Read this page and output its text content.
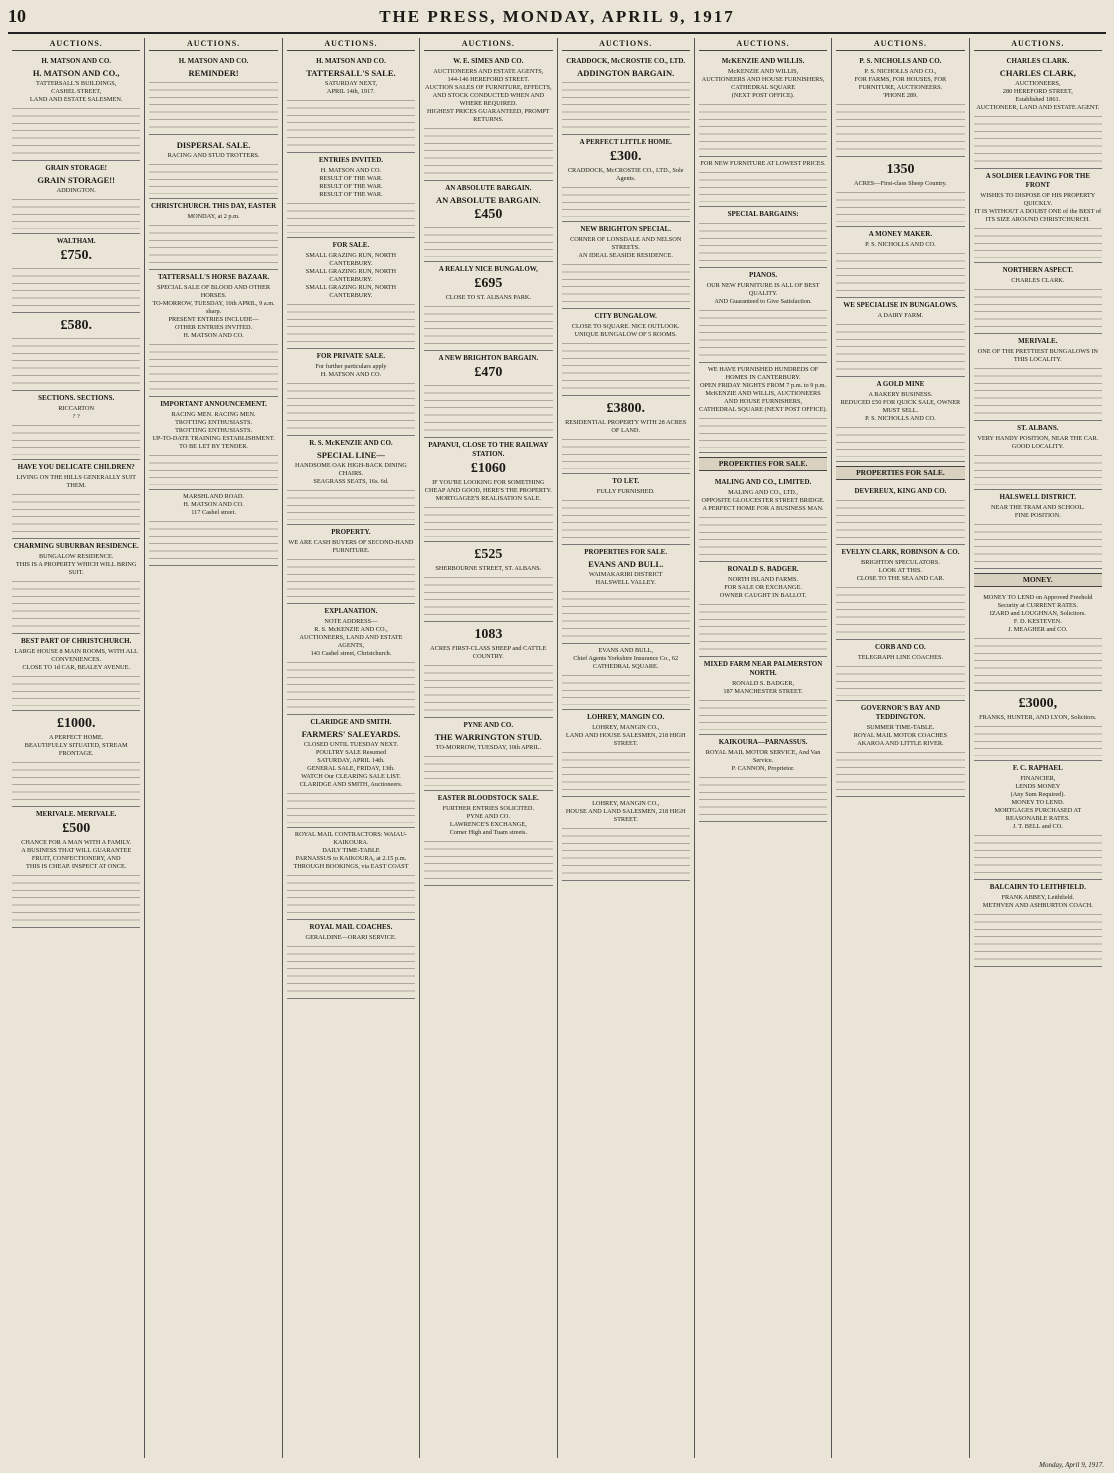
10	THE PRESS, MONDAY, APRIL 9, 1917
AUCTIONS.
H. MATSON AND CO.
H. MATSON AND CO.,
TATTERSALL'S BUILDINGS,
CASHEL STREET,
LAND AND ESTATE SALESMEN.
GRAIN STORAGE!
GRAIN STORAGE!!
ADDINGTON.
WALTHAM.
£750.
£580.
SECTIONS. SECTIONS.
RICCARTON
? ?
HAVE YOU DELICATE CHILDREN?
LIVING ON THE HILLS GENERALLY SUIT THEM.
CHARMING SUBURBAN RESIDENCE.
BUNGALOW RESIDENCE.
THIS IS A PROPERTY WHICH WILL BRING SUIT.
BEST PART OF CHRISTCHURCH.
LARGE HOUSE 8 MAIN ROOMS, WITH ALL CONVENIENCES.
CLOSE TO 1d CAR, BEALEY AVENUE.
£1000.
A PERFECT HOME.
BEAUTIFULLY SITUATED, STREAM FRONTAGE.
MERIVALE. MERIVALE.
£500
CHANCE FOR A MAN WITH A FAMILY.
A BUSINESS THAT WILL GUARANTEE
FRUIT, CONFECTIONERY, AND
THIS IS CHEAP. INSPECT AT ONCE.
AUCTIONS.
H. MATSON AND CO.
REMINDER!
DISPERSAL SALE.
RACING AND STUD TROTTERS.
CHRISTCHURCH. THIS DAY, EASTER
MONDAY, at 2 p.m.
TATTERSALL'S HORSE BAZAAR.
SPECIAL SALE OF BLOOD AND OTHER HORSES.
TO-MORROW, TUESDAY, 10th APRIL, 9 a.m. sharp.
PRESENT ENTRIES INCLUDE—
OTHER ENTRIES INVITED.
H. MATSON AND CO.
IMPORTANT ANNOUNCEMENT.
RACING MEN. RACING MEN.
TROTTING ENTHUSIASTS.
TROTTING ENTHUSIASTS.
UP-TO-DATE TRAINING ESTABLISHMENT.
TO BE LET BY TENDER.
MARSHLAND ROAD.
H. MATSON AND CO.
117 Cashel street.
AUCTIONS.
H. MATSON AND CO.
TATTERSALL'S SALE.
SATURDAY NEXT,
APRIL 14th, 1917.
ENTRIES INVITED.
H. MATSON AND CO.
RESULT OF THE WAR.
RESULT OF THE WAR.
RESULT OF THE WAR.
FOR SALE.
SMALL GRAZING RUN, NORTH CANTERBURY.
SMALL GRAZING RUN, NORTH CANTERBURY.
SMALL GRAZING RUN, NORTH CANTERBURY.
FOR PRIVATE SALE.
For further particulars apply
H. MATSON AND CO.
R. S. McKENZIE AND CO.
SPECIAL LINE—
HANDSOME OAK HIGH-BACK DINING CHAIRS.
SEAGRASS SEATS, 16s. 6d.
PROPERTY.
WE ARE CASH BUYERS OF SECOND-HAND FURNITURE.
EXPLANATION.
NOTE ADDRESS—
R. S. McKENZIE AND CO.,
AUCTIONEERS, LAND AND ESTATE AGENTS,
143 Cashel street, Christchurch.
CLARIDGE AND SMITH.
FARMERS' SALEYARDS.
CLOSED UNTIL TUESDAY NEXT.
POULTRY SALE Resumed
SATURDAY, APRIL 14th.
GENERAL SALE, FRIDAY, 13th.
WATCH Our CLEARING SALE LIST.
CLARIDGE AND SMITH, Auctioneers.
ROYAL MAIL CONTRACTORS: WAIAU-KAIKOURA.
DAILY TIME-TABLE
PARNASSUS to KAIKOURA, at 2.15 p.m.
THROUGH BOOKINGS, via EAST COAST
ROYAL MAIL COACHES.
GERALDINE—ORARI SERVICE.
AUCTIONS.
W. E. SIMES AND CO.
AUCTIONEERS AND ESTATE AGENTS,
144-146 HEREFORD STREET.
AUCTION SALES OF FURNITURE, EFFECTS, AND STOCK CONDUCTED WHEN AND WHERE REQUIRED.
HIGHEST PRICES GUARANTEED, PROMPT RETURNS.
AN ABSOLUTE BARGAIN.
AN ABSOLUTE BARGAIN.
£450
A REALLY NICE BUNGALOW,
£695
CLOSE TO ST. ALBANS PARK.
A NEW BRIGHTON BARGAIN.
£470
PAPANUI, CLOSE TO THE RAILWAY STATION.
£1060
IF YOU'RE LOOKING FOR SOMETHING CHEAP AND GOOD, HERE'S THE PROPERTY.
MORTGAGEE'S REALISATION SALE.
£525
SHERBOURNE STREET, ST. ALBANS.
1083
ACRES FIRST-CLASS SHEEP and CATTLE COUNTRY.
PYNE AND CO.
THE WARRINGTON STUD.
TO-MORROW, TUESDAY, 10th APRIL.
EASTER BLOODSTOCK SALE.
FURTHER ENTRIES SOLICITED.
PYNE AND CO.
LAWRENCE'S EXCHANGE,
Corner High and Tuam streets.
AUCTIONS.
CRADDOCK, McCROSTIE CO., LTD.
ADDINGTON BARGAIN.
A PERFECT LITTLE HOME.
£300.
CRADDOCK, McCROSTIE CO., LTD., Sole Agents.
NEW BRIGHTON SPECIAL.
CORNER OF LONSDALE AND NELSON STREETS.
AN IDEAL SEASIDE RESIDENCE.
CITY BUNGALOW.
CLOSE TO SQUARE. NICE OUTLOOK.
UNIQUE BUNGALOW OF 5 ROOMS.
£3800.
RESIDENTIAL PROPERTY WITH 28 ACRES OF LAND.
TO LET.
FULLY FURNISHED.
PROPERTIES FOR SALE.
EVANS AND BULL.
WAIMAKARIRI DISTRICT
HALSWELL VALLEY.
EVANS AND BULL,
Chief Agents Yorkshire Insurance Co., 62 CATHEDRAL SQUARE.
LOHREY, MANGIN CO.
LOHREY, MANGIN CO.,
LAND AND HOUSE SALESMEN, 218 HIGH STREET.
LOHREY, MANGIN CO.,
HOUSE AND LAND SALESMEN, 218 HIGH STREET.
AUCTIONS.
McKENZIE AND WILLIS.
McKENZIE AND WILLIS,
AUCTIONEERS AND HOUSE FURNISHERS,
CATHEDRAL SQUARE
(NEXT POST OFFICE).
FOR NEW FURNITURE AT LOWEST PRICES.
SPECIAL BARGAINS:
PIANOS.
OUR NEW FURNITURE IS ALL OF BEST QUALITY.
AND Guaranteed to Give Satisfaction.
WE HAVE FURNISHED HUNDREDS OF HOMES IN CANTERBURY.
OPEN FRIDAY NIGHTS FROM 7 p.m. to 9 p.m.
McKENZIE AND WILLIS, AUCTIONEERS AND HOUSE FURNISHERS,
CATHEDRAL SQUARE (NEXT POST OFFICE).
PROPERTIES FOR SALE.
MALING AND CO., LIMITED.
MALING AND CO., LTD.,
OPPOSITE GLOUCESTER STREET BRIDGE.
A PERFECT HOME FOR A BUSINESS MAN.
RONALD S. BADGER.
NORTH ISLAND FARMS.
FOR SALE OR EXCHANGE.
OWNER CAUGHT IN BALLOT.
MIXED FARM NEAR PALMERSTON NORTH.
RONALD S. BADGER,
187 MANCHESTER STREET.
KAIKOURA—PARNASSUS.
ROYAL MAIL MOTOR SERVICE, And Van Service.
P. CANNON, Proprietor.
AUCTIONS.
P. S. NICHOLLS AND CO.
P. S. NICHOLLS AND CO.,
FOR FARMS, FOR HOUSES, FOR FURNITURE, AUCTIONEERS.
'PHONE 289.
1350
ACRES—First-class Sheep Country.
A MONEY MAKER.
P. S. NICHOLLS AND CO.
WE SPECIALISE IN BUNGALOWS.
A DAIRY FARM.
A GOLD MINE
A BAKERY BUSINESS.
REDUCED £50 FOR QUICK SALE, OWNER MUST SELL.
P. S. NICHOLLS AND CO.
PROPERTIES FOR SALE.
DEVEREUX, KING AND CO.
EVELYN CLARK, ROBINSON & CO.
BRIGHTON SPECULATORS.
LOOK AT THIS.
CLOSE TO THE SEA AND CAR.
CORB AND CO.
TELEGRAPH LINE COACHES.
GOVERNOR'S BAY AND TEDDINGTON.
SUMMER TIME-TABLE.
ROYAL MAIL MOTOR COACHES
AKAROA AND LITTLE RIVER.
AUCTIONS.
CHARLES CLARK.
CHARLES CLARK,
AUCTIONEERS,
280 HEREFORD STREET,
Established 1861.
AUCTIONEER, LAND AND ESTATE AGENT.
A SOLDIER LEAVING FOR THE FRONT
WISHES TO DISPOSE OF HIS PROPERTY QUICKLY.
IT IS WITHOUT A DOUBT ONE of the BEST of ITS SIZE AROUND CHRISTCHURCH.
NORTHERN ASPECT.
CHARLES CLARK.
MERIVALE.
ONE OF THE PRETTIEST BUNGALOWS IN THIS LOCALITY.
ST. ALBANS.
VERY HANDY POSITION, NEAR THE CAR.
GOOD LOCALITY.
HALSWELL DISTRICT.
NEAR THE TRAM AND SCHOOL.
FINE POSITION.
MONEY.
MONEY TO LEND on Approved Freehold Security at CURRENT RATES.
IZARD and LOUGHNAN, Solicitors.
F. D. KESTEVEN.
J. MEAGHER and CO.
£3000,
FRANKS, HUNTER, AND LYON, Solicitors.
F. C. RAPHAEL
FINANCIER,
LENDS MONEY
(Any Sum Required).
MONEY TO LEND.
MORTGAGES PURCHASED AT REASONABLE RATES.
J. T. BELL and CO.
BALCAIRN TO LEITHFIELD.
FRANK ABBEY, Leithfield.
METHVEN AND ASHBURTON COACH.
Monday, April 9, 1917.
